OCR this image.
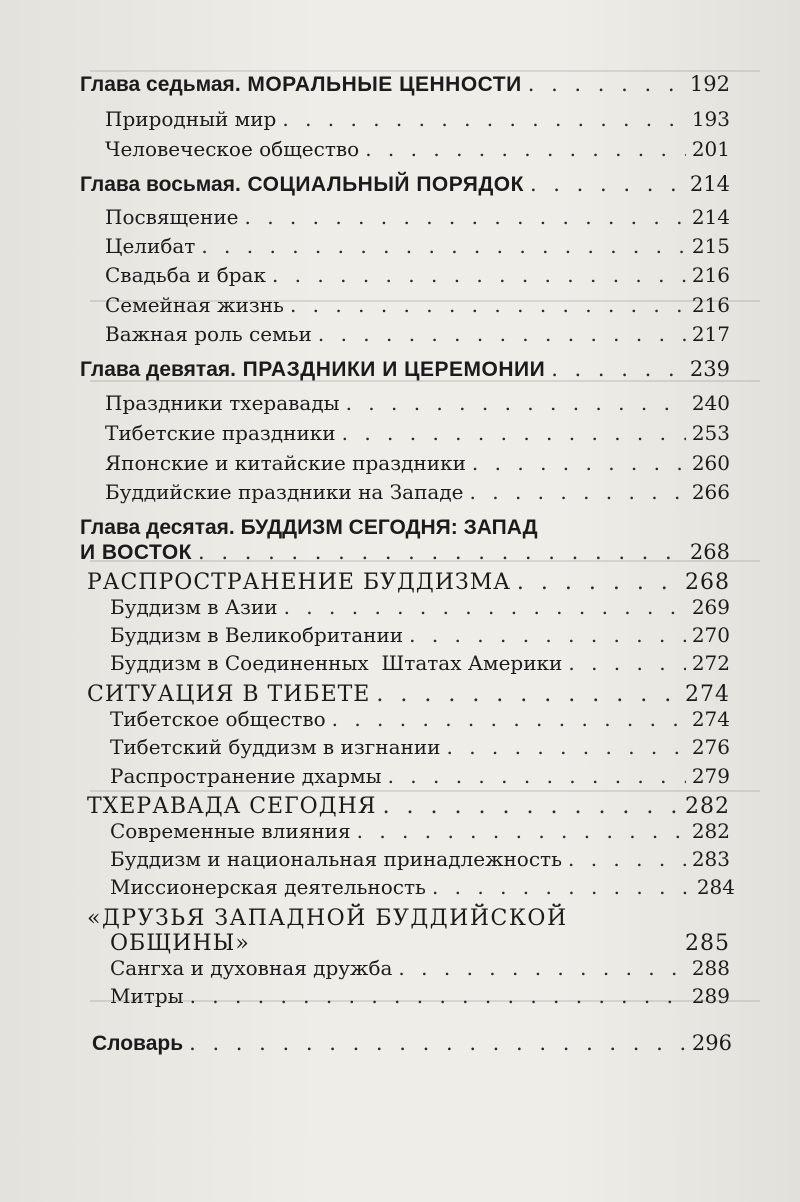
Глава седьмая. МОРАЛЬНЫЕ ЦЕННОСТИ . . .	192
Природный мир . . .	193
Человеческое общество . . .	201
Глава восьмая. СОЦИАЛЬНЫЙ ПОРЯДОК . . .	214
Посвящение . . .	214
Целибат . . .	215
Свадьба и брак . . .	216
Семейная жизнь . . .	216
Важная роль семьи . . .	217
Глава девятая. ПРАЗДНИКИ И ЦЕРЕМОНИИ . . .	239
Праздники тхеравады . . .	240
Тибетские праздники . . .	253
Японские и китайские праздники . . .	260
Буддийские праздники на Западе . . .	266
Глава десятая. БУДДИЗМ СЕГОДНЯ: ЗАПАД
И ВОСТОК . . .	268
РАСПРОСТРАНЕНИЕ БУДДИЗМА . . .	268
Буддизм в Азии . . .	269
Буддизм в Великобритании . . .	270
Буддизм в Соединенных  Штатах Америки . . .	272
СИТУАЦИЯ В ТИБЕТЕ . . .	274
Тибетское общество . . .	274
Тибетский буддизм в изгнании . . .	276
Распространение дхармы . . .	279
ТХЕРАВАДА СЕГОДНЯ . . .	282
Современные влияния . . .	282
Буддизм и национальная принадлежность . . .	283
Миссионерская деятельность . . .	284
«ДРУЗЬЯ ЗАПАДНОЙ БУДДИЙСКОЙ
ОБЩИНЫ»	285
Сангха и духовная дружба . . .	288
Митры . . .	289
Словарь . . .	296
